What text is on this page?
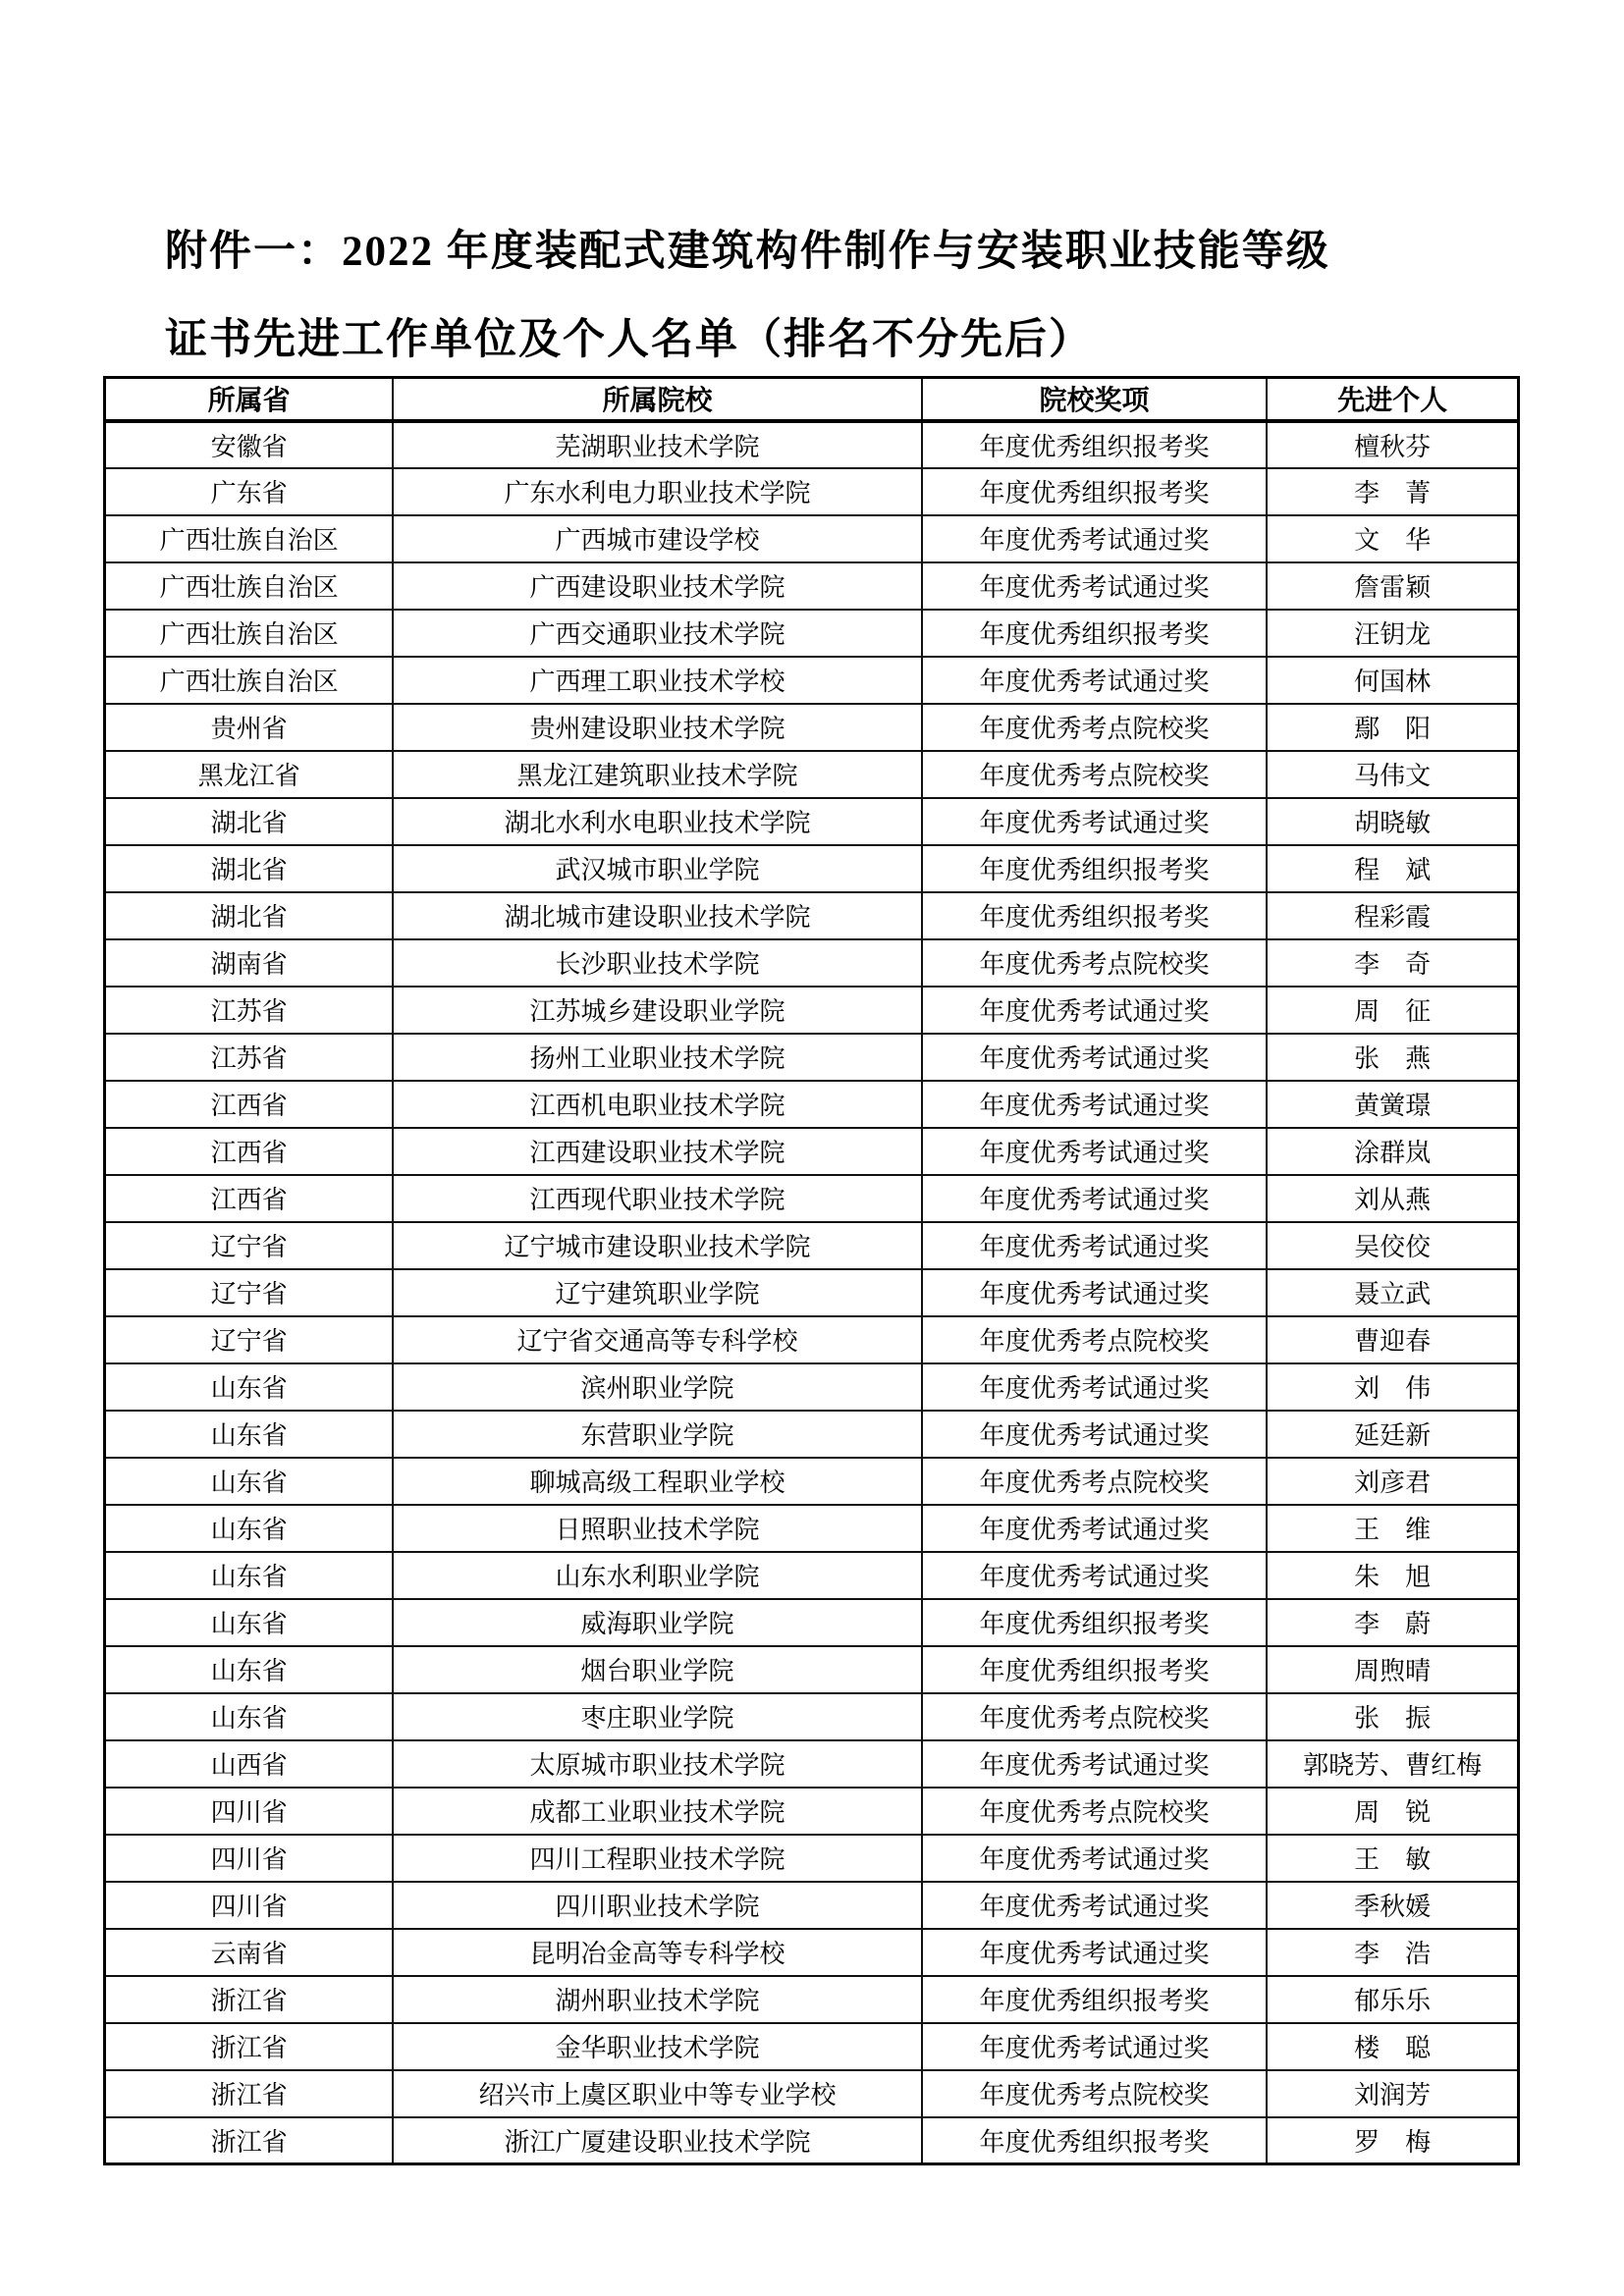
附件一：2022 年度装配式建筑构件制作与安装职业技能等级
证书先进工作单位及个人名单（排名不分先后）
所属省	所属院校	院校奖项	先进个人
安徽省	芜湖职业技术学院	年度优秀组织报考奖	檀秋芬
广东省	广东水利电力职业技术学院	年度优秀组织报考奖	李　菁
广西壮族自治区	广西城市建设学校	年度优秀考试通过奖	文　华
广西壮族自治区	广西建设职业技术学院	年度优秀考试通过奖	詹雷颖
广西壮族自治区	广西交通职业技术学院	年度优秀组织报考奖	汪钥龙
广西壮族自治区	广西理工职业技术学校	年度优秀考试通过奖	何国林
贵州省	贵州建设职业技术学院	年度优秀考点院校奖	鄢　阳
黑龙江省	黑龙江建筑职业技术学院	年度优秀考点院校奖	马伟文
湖北省	湖北水利水电职业技术学院	年度优秀考试通过奖	胡晓敏
湖北省	武汉城市职业学院	年度优秀组织报考奖	程　斌
湖北省	湖北城市建设职业技术学院	年度优秀组织报考奖	程彩霞
湖南省	长沙职业技术学院	年度优秀考点院校奖	李　奇
江苏省	江苏城乡建设职业学院	年度优秀考试通过奖	周　征
江苏省	扬州工业职业技术学院	年度优秀考试通过奖	张　燕
江西省	江西机电职业技术学院	年度优秀考试通过奖	黄黉璟
江西省	江西建设职业技术学院	年度优秀考试通过奖	涂群岚
江西省	江西现代职业技术学院	年度优秀考试通过奖	刘从燕
辽宁省	辽宁城市建设职业技术学院	年度优秀考试通过奖	吴佼佼
辽宁省	辽宁建筑职业学院	年度优秀考试通过奖	聂立武
辽宁省	辽宁省交通高等专科学校	年度优秀考点院校奖	曹迎春
山东省	滨州职业学院	年度优秀考试通过奖	刘　伟
山东省	东营职业学院	年度优秀考试通过奖	延廷新
山东省	聊城高级工程职业学校	年度优秀考点院校奖	刘彦君
山东省	日照职业技术学院	年度优秀考试通过奖	王　维
山东省	山东水利职业学院	年度优秀考试通过奖	朱　旭
山东省	威海职业学院	年度优秀组织报考奖	李　蔚
山东省	烟台职业学院	年度优秀组织报考奖	周煦晴
山东省	枣庄职业学院	年度优秀考点院校奖	张　振
山西省	太原城市职业技术学院	年度优秀考试通过奖	郭晓芳、曹红梅
四川省	成都工业职业技术学院	年度优秀考点院校奖	周　锐
四川省	四川工程职业技术学院	年度优秀考试通过奖	王　敏
四川省	四川职业技术学院	年度优秀考试通过奖	季秋媛
云南省	昆明冶金高等专科学校	年度优秀考试通过奖	李　浩
浙江省	湖州职业技术学院	年度优秀组织报考奖	郁乐乐
浙江省	金华职业技术学院	年度优秀考试通过奖	楼　聪
浙江省	绍兴市上虞区职业中等专业学校	年度优秀考点院校奖	刘润芳
浙江省	浙江广厦建设职业技术学院	年度优秀组织报考奖	罗　梅
